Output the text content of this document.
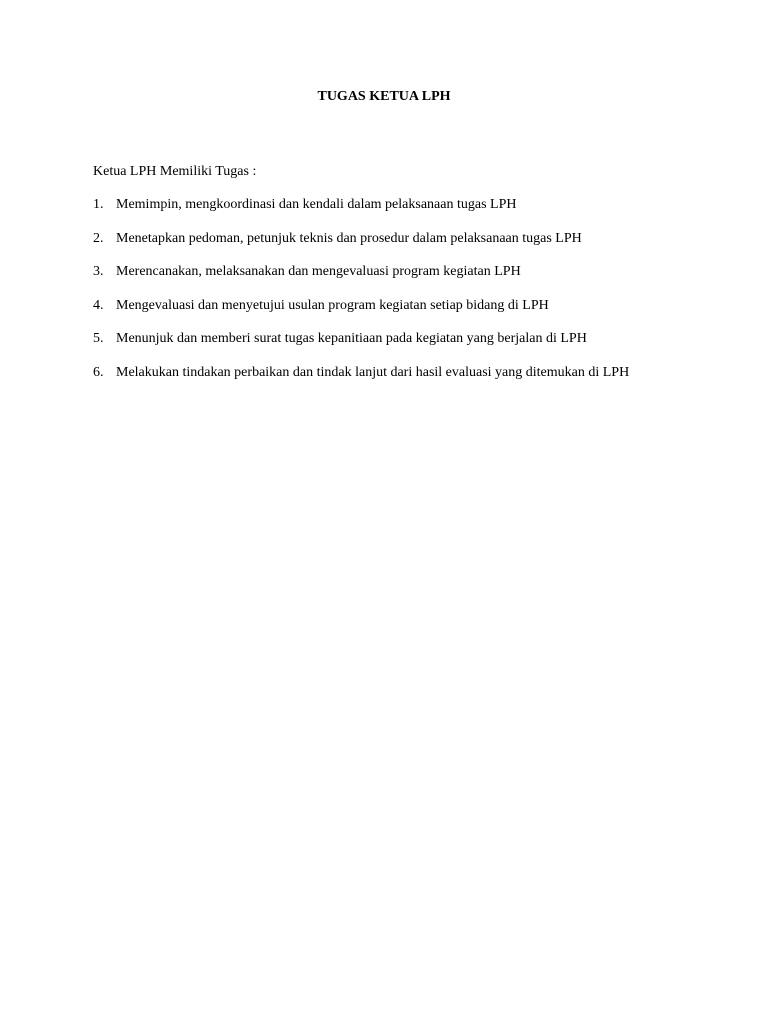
TUGAS KETUA LPH

Ketua LPH Memiliki Tugas :

1. Memimpin, mengkoordinasi dan kendali dalam pelaksanaan tugas LPH
2. Menetapkan pedoman, petunjuk teknis dan prosedur dalam pelaksanaan tugas LPH
3. Merencanakan, melaksanakan dan mengevaluasi program kegiatan LPH
4. Mengevaluasi dan menyetujui usulan program kegiatan setiap bidang di LPH
5. Menunjuk dan memberi surat tugas kepanitiaan pada kegiatan yang berjalan di LPH
6. Melakukan tindakan perbaikan dan tindak lanjut dari hasil evaluasi yang ditemukan di LPH
